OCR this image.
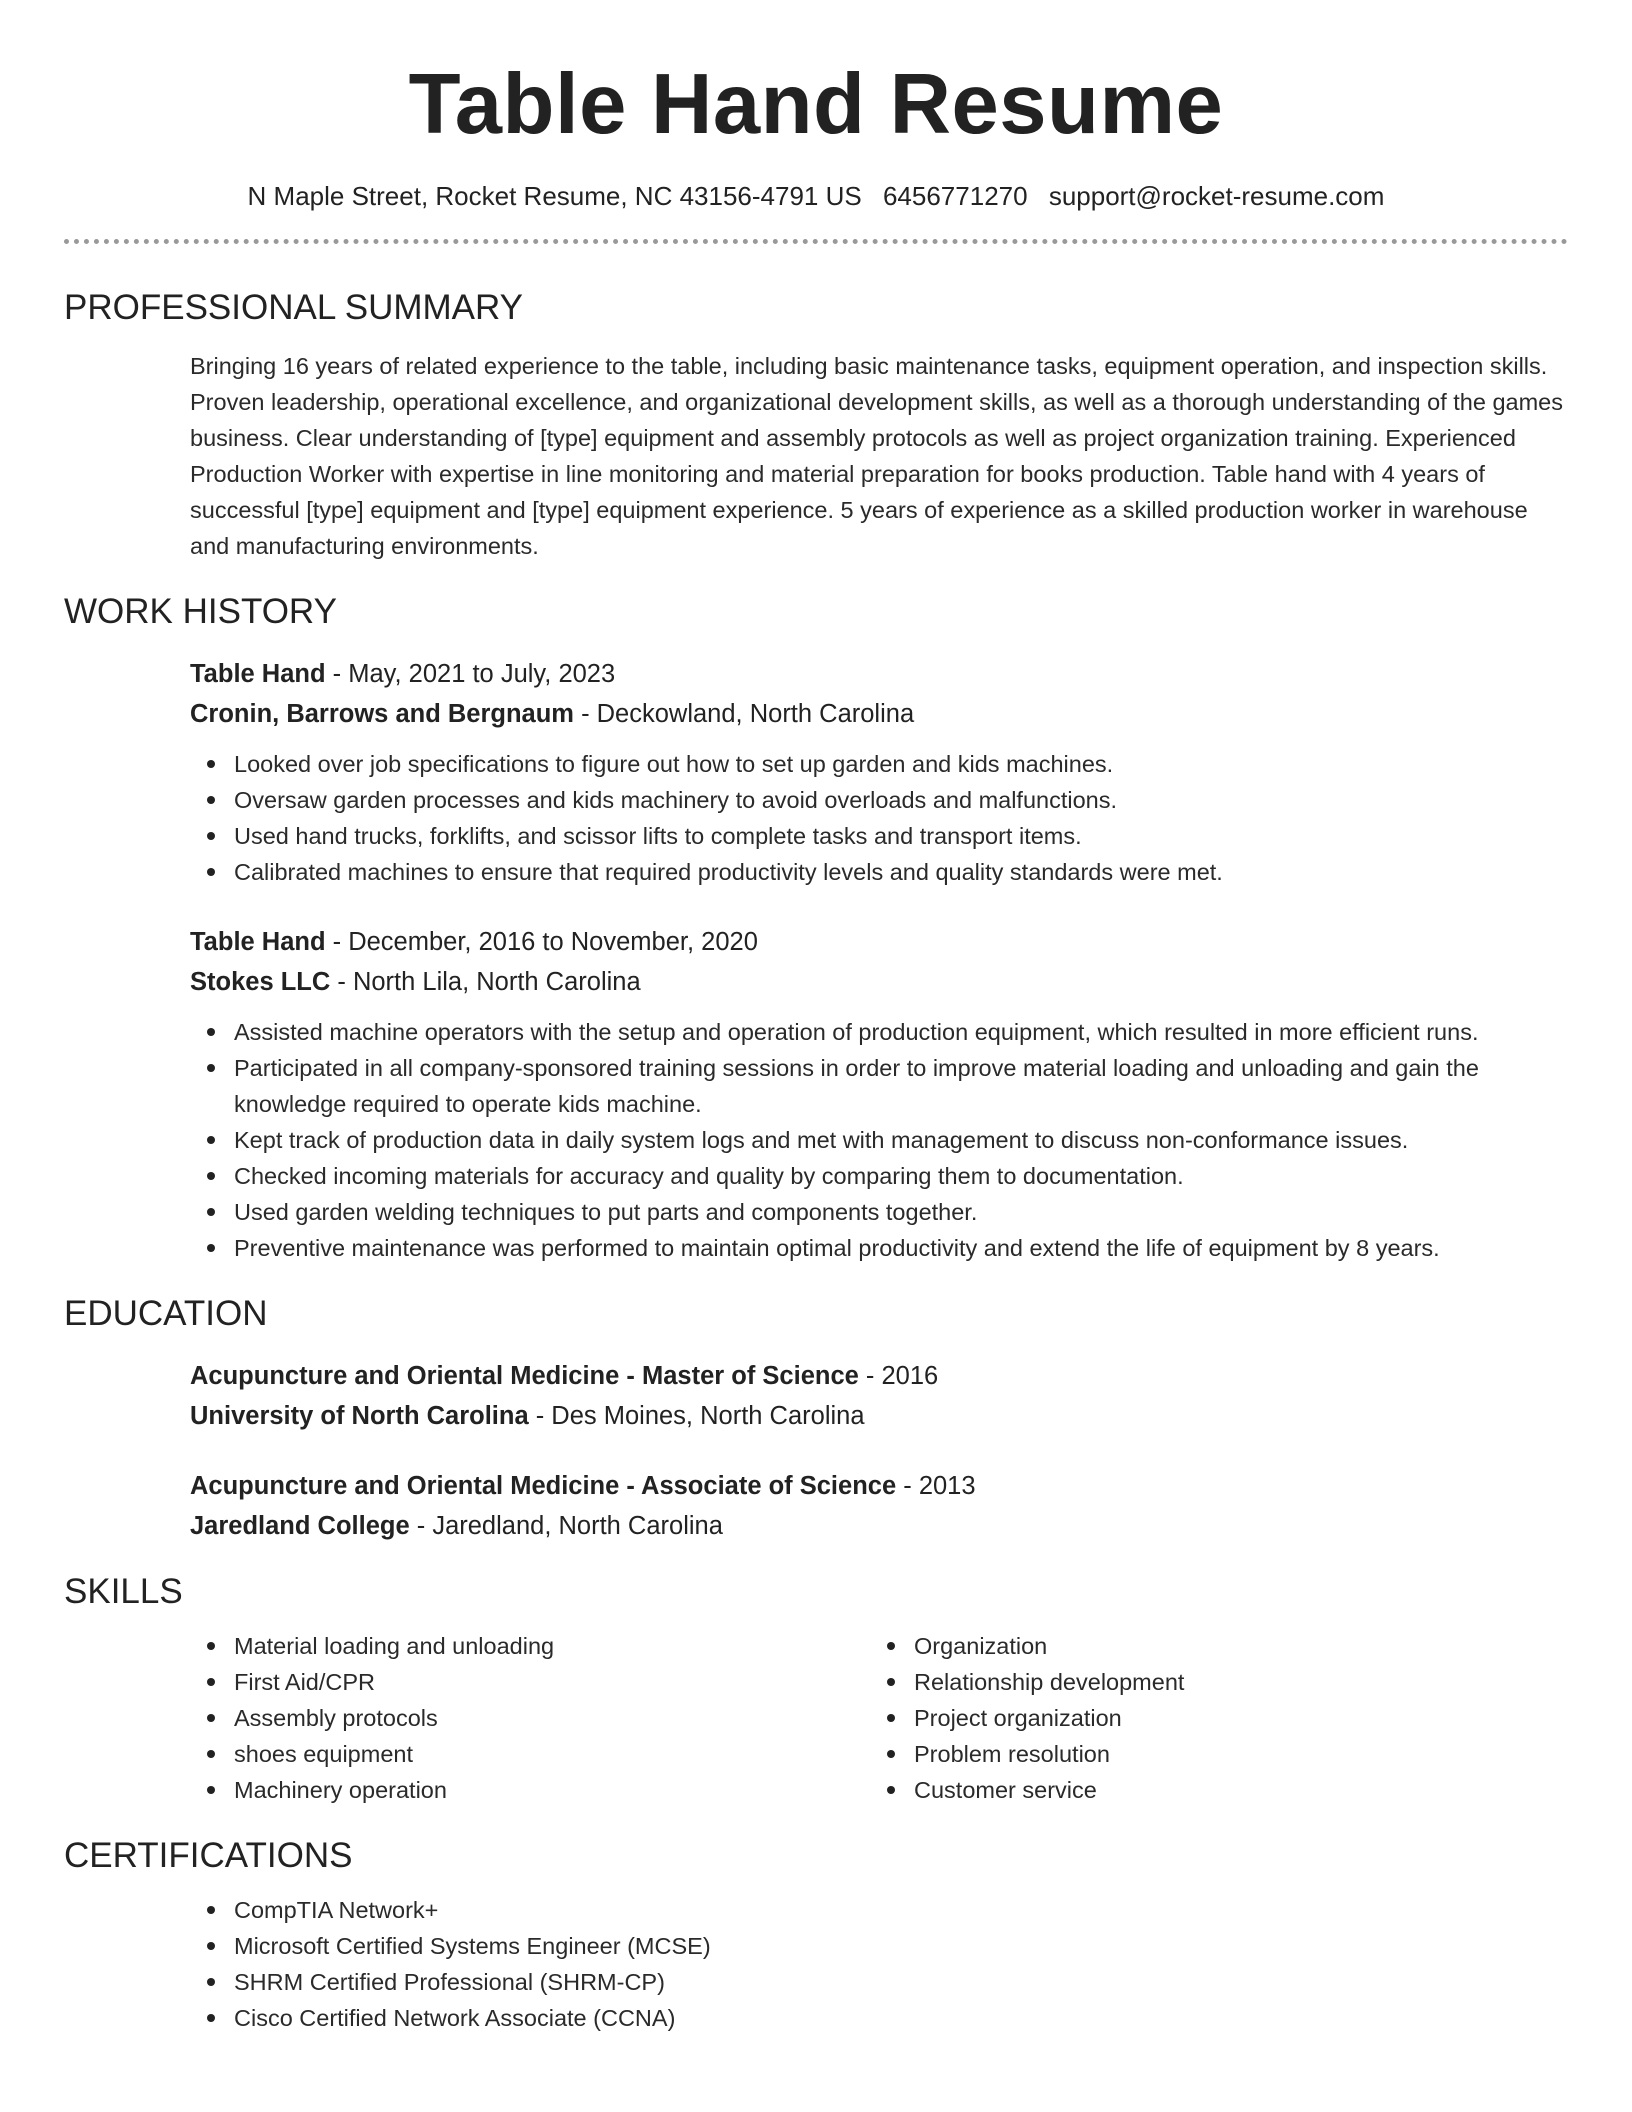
Table Hand Resume
N Maple Street, Rocket Resume, NC 43156-4791 US 6456771270 support@rocket-resume.com
PROFESSIONAL SUMMARY
Bringing 16 years of related experience to the table, including basic maintenance tasks, equipment operation, and inspection skills. Proven leadership, operational excellence, and organizational development skills, as well as a thorough understanding of the games business. Clear understanding of [type] equipment and assembly protocols as well as project organization training. Experienced Production Worker with expertise in line monitoring and material preparation for books production. Table hand with 4 years of successful [type] equipment and [type] equipment experience. 5 years of experience as a skilled production worker in warehouse and manufacturing environments.
WORK HISTORY
Table Hand - May, 2021 to July, 2023
Cronin, Barrows and Bergnaum - Deckowland, North Carolina
Looked over job specifications to figure out how to set up garden and kids machines.
Oversaw garden processes and kids machinery to avoid overloads and malfunctions.
Used hand trucks, forklifts, and scissor lifts to complete tasks and transport items.
Calibrated machines to ensure that required productivity levels and quality standards were met.
Table Hand - December, 2016 to November, 2020
Stokes LLC - North Lila, North Carolina
Assisted machine operators with the setup and operation of production equipment, which resulted in more efficient runs.
Participated in all company-sponsored training sessions in order to improve material loading and unloading and gain the knowledge required to operate kids machine.
Kept track of production data in daily system logs and met with management to discuss non-conformance issues.
Checked incoming materials for accuracy and quality by comparing them to documentation.
Used garden welding techniques to put parts and components together.
Preventive maintenance was performed to maintain optimal productivity and extend the life of equipment by 8 years.
EDUCATION
Acupuncture and Oriental Medicine - Master of Science - 2016
University of North Carolina - Des Moines, North Carolina
Acupuncture and Oriental Medicine - Associate of Science - 2013
Jaredland College - Jaredland, North Carolina
SKILLS
Material loading and unloading
First Aid/CPR
Assembly protocols
shoes equipment
Machinery operation
Organization
Relationship development
Project organization
Problem resolution
Customer service
CERTIFICATIONS
CompTIA Network+
Microsoft Certified Systems Engineer (MCSE)
SHRM Certified Professional (SHRM-CP)
Cisco Certified Network Associate (CCNA)
